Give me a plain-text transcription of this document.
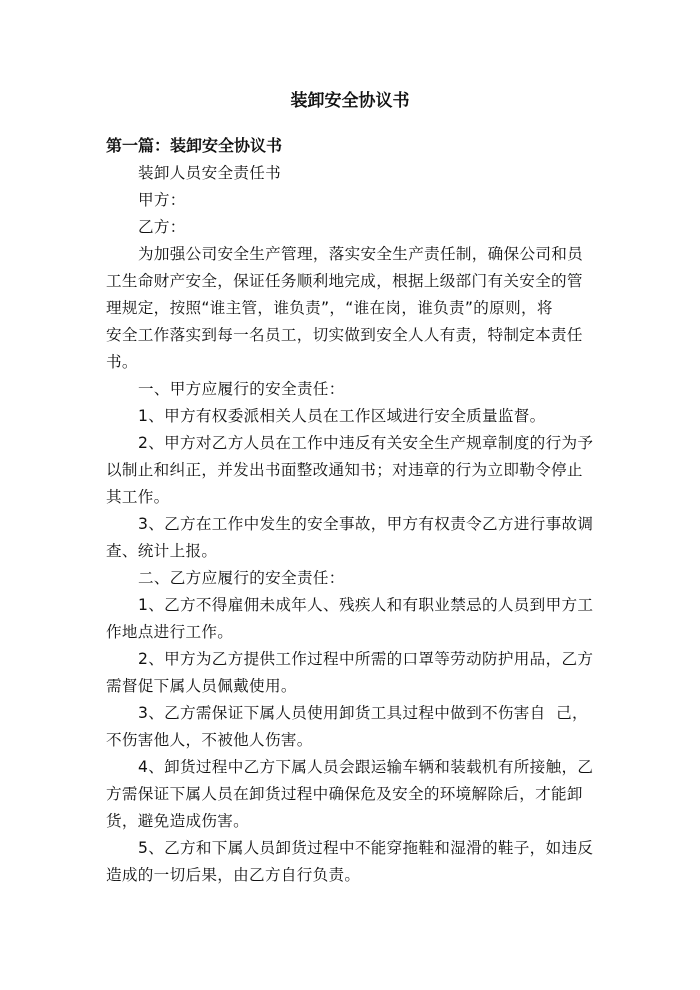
装卸安全协议书
第一篇：装卸安全协议书
装卸人员安全责任书
甲方：
乙方：
为加强公司安全生产管理，落实安全生产责任制，确保公司和员
工生命财产安全，保证任务顺利地完成，根据上级部门有关安全的管
理规定，按照“谁主管，谁负责”，“谁在岗，谁负责”的原则，将
安全工作落实到每一名员工，切实做到安全人人有责，特制定本责任
书。
一、甲方应履行的安全责任：
1、甲方有权委派相关人员在工作区域进行安全质量监督。
2、甲方对乙方人员在工作中违反有关安全生产规章制度的行为予
以制止和纠正，并发出书面整改通知书；对违章的行为立即勒令停止
其工作。
3、乙方在工作中发生的安全事故，甲方有权责令乙方进行事故调
查、统计上报。
二、乙方应履行的安全责任：
1、乙方不得雇佣未成年人、残疾人和有职业禁忌的人员到甲方工
作地点进行工作。
2、甲方为乙方提供工作过程中所需的口罩等劳动防护用品，乙方
需督促下属人员佩戴使用。
3、乙方需保证下属人员使用卸货工具过程中做到不伤害自  己，
不伤害他人，不被他人伤害。
4、卸货过程中乙方下属人员会跟运输车辆和装载机有所接触，乙
方需保证下属人员在卸货过程中确保危及安全的环境解除后，才能卸
货，避免造成伤害。
5、乙方和下属人员卸货过程中不能穿拖鞋和湿滑的鞋子，如违反
造成的一切后果，由乙方自行负责。
